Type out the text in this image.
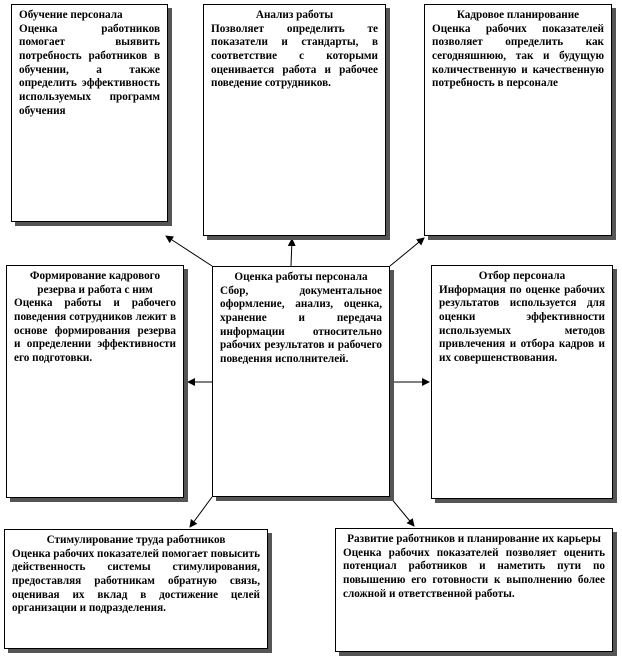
Обучение персонала
Оценка работников помогает выявить потребность работников в обучении, а также определить эффективность используемых программ обучения
Анализ работы
Позволяет определить те показатели и стандарты, в соответствие с которыми оценивается работа и рабочее поведение сотрудников.
Кадровое планирование
Оценка рабочих показателей позволяет определить как сегодняшнюю, так и будущую количественную и качественную потребность в персонале
Формирование кадрового резерва и работа с ним
Оценка работы и рабочего поведения сотрудников лежит в основе формирования резерва и определении эффективности его подготовки.
Оценка работы персонала
Сбор, документальное оформление, анализ, оценка, хранение и передача информации относительно рабочих результатов и рабочего поведения исполнителей.
Отбор персонала
Информация по оценке рабочих результатов используется для оценки эффективности используемых методов привлечения и отбора кадров и их совершенствования.
Стимулирование труда работников
Оценка рабочих показателей помогает повысить действенность системы стимулирования, предоставляя работникам обратную связь, оценивая их вклад в достижение целей организации и подразделения.
Развитие работников и планирование их карьеры
Оценка рабочих показателей позволяет оценить потенциал работников и наметить пути по повышению его готовности к выполнению более сложной и ответственной работы.
